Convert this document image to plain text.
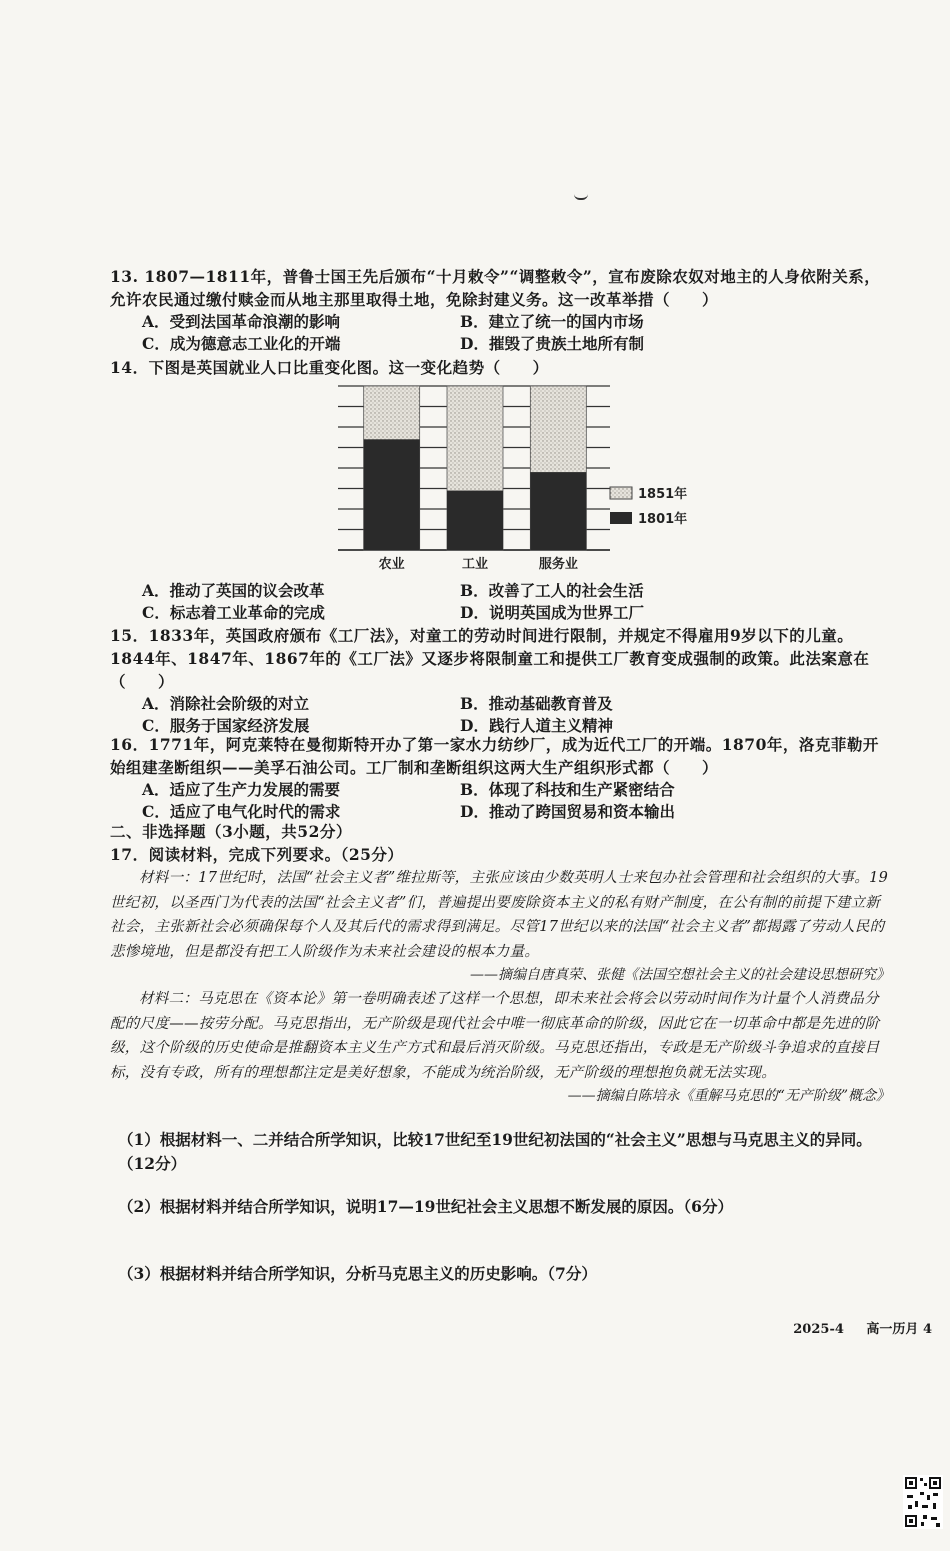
13. 1807—1811年，普鲁士国王先后颁布“十月敕令”“调整敕令”，宣布废除农奴对地主的人身依附关系，允许农民通过缴付赎金而从地主那里取得土地，免除封建义务。这一改革举措（　　）
A．受到法国革命浪潮的影响	B．建立了统一的国内市场
C．成为德意志工业化的开端	D．摧毁了贵族土地所有制
14．下图是英国就业人口比重变化图。这一变化趋势（　　）
农业	工业	服务业
1851年
1801年
A．推动了英国的议会改革	B．改善了工人的社会生活
C．标志着工业革命的完成	D．说明英国成为世界工厂
15．1833年，英国政府颁布《工厂法》，对童工的劳动时间进行限制，并规定不得雇用9岁以下的儿童。1844年、1847年、1867年的《工厂法》又逐步将限制童工和提供工厂教育变成强制的政策。此法案意在（　　）
A．消除社会阶级的对立	B．推动基础教育普及
C．服务于国家经济发展	D．践行人道主义精神
16．1771年，阿克莱特在曼彻斯特开办了第一家水力纺纱厂，成为近代工厂的开端。1870年，洛克菲勒开始组建垄断组织——美孚石油公司。工厂制和垄断组织这两大生产组织形式都（　　）
A．适应了生产力发展的需要	B．体现了科技和生产紧密结合
C．适应了电气化时代的需求	D．推动了跨国贸易和资本输出
二、非选择题（3小题，共52分）
17．阅读材料，完成下列要求。（25分）
材料一：17世纪时，法国“社会主义者”维拉斯等，主张应该由少数英明人士来包办社会管理和社会组织的大事。19世纪初，以圣西门为代表的法国“社会主义者”们，普遍提出要废除资本主义的私有财产制度，在公有制的前提下建立新社会，主张新社会必须确保每个人及其后代的需求得到满足。尽管17世纪以来的法国“社会主义者”都揭露了劳动人民的悲惨境地，但是都没有把工人阶级作为未来社会建设的根本力量。
——摘编自唐真荣、张健《法国空想社会主义的社会建设思想研究》
材料二：马克思在《资本论》第一卷明确表述了这样一个思想，即未来社会将会以劳动时间作为计量个人消费品分配的尺度——按劳分配。马克思指出，无产阶级是现代社会中唯一彻底革命的阶级，因此它在一切革命中都是先进的阶级，这个阶级的历史使命是推翻资本主义生产方式和最后消灭阶级。马克思还指出，专政是无产阶级斗争追求的直接目标，没有专政，所有的理想都注定是美好想象，不能成为统治阶级，无产阶级的理想抱负就无法实现。
——摘编自陈培永《重解马克思的“无产阶级”概念》
（1）根据材料一、二并结合所学知识，比较17世纪至19世纪初法国的“社会主义”思想与马克思主义的异同。（12分）
（2）根据材料并结合所学知识，说明17—19世纪社会主义思想不断发展的原因。（6分）
（3）根据材料并结合所学知识，分析马克思主义的历史影响。（7分）
2025-4 高一历月 4
